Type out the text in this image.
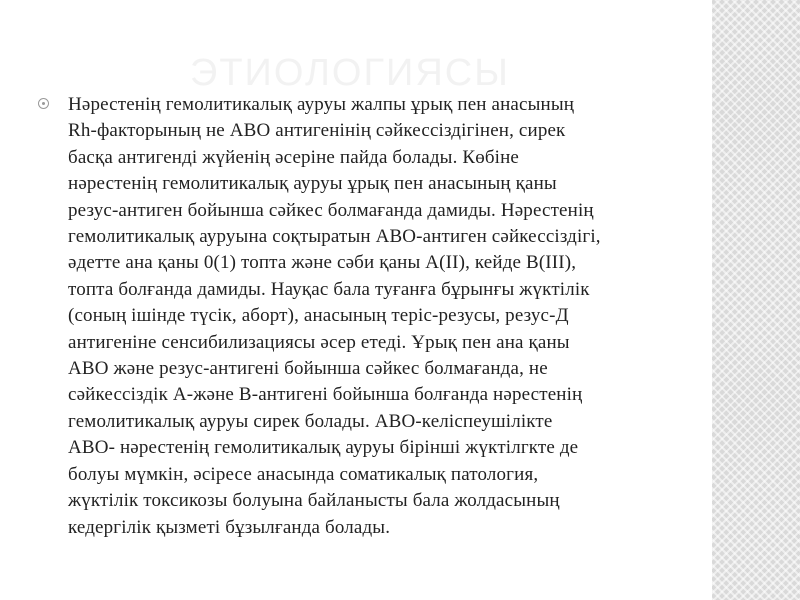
ЭТИОЛОГИЯСЫ

Нәрестенің гемолитикалық ауруы жалпы ұрық пен анасының
Rh-факторының не АВО антигенінің сәйкессіздігінен, сирек
басқа антигенді жүйенің әсеріне пайда болады. Көбіне
нәрестенің гемолитикалық ауруы ұрық пен анасының қаны
резус-антиген бойынша сәйкес болмағанда дамиды. Нәрестенің
гемолитикалық ауруына соқтыратын АВО-антиген сәйкессіздігі,
әдетте ана қаны 0(1) топта және сәби қаны А(II), кейде В(III),
топта болғанда дамиды. Науқас бала туғанға бұрынғы жүктілік
(соның ішінде түсік, аборт), анасының теріс-резусы, резус-Д
антигеніне сенсибилизациясы әсер етеді. Ұрық пен ана қаны
АВО және резус-антигені бойынша сәйкес болмағанда, не
сәйкессіздік А-және В-антигені бойынша болғанда нәрестенің
гемолитикалық ауруы сирек болады. АВО-келіспеушілікте
АВО- нәрестенің гемолитикалық ауруы бірінші жүктілгкте де
болуы мүмкін, әсіресе анасында соматикалық патология,
жүктілік токсикозы болуына байланысты бала жолдасының
кедергілік қызметі бұзылғанда болады.
